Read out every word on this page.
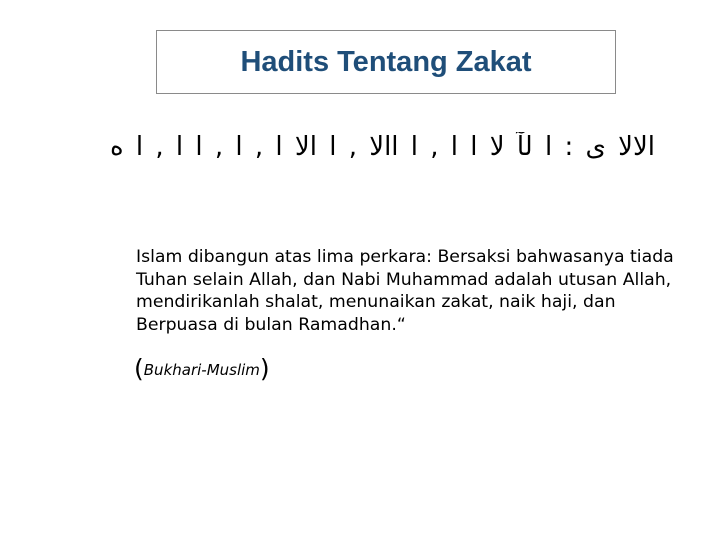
Hadits Tentang Zakat
الالا ى : ا لآ لا ا ا , ا االا , ا اﻻ ا , ا , ا ا , ا ﻩ
Islam dibangun atas lima perkara: Bersaksi bahwasanya tiada Tuhan selain Allah, dan Nabi Muhammad adalah utusan Allah, mendirikanlah shalat, menunaikan zakat, naik haji, dan Berpuasa di bulan Ramadhan.“
(Bukhari-Muslim)
